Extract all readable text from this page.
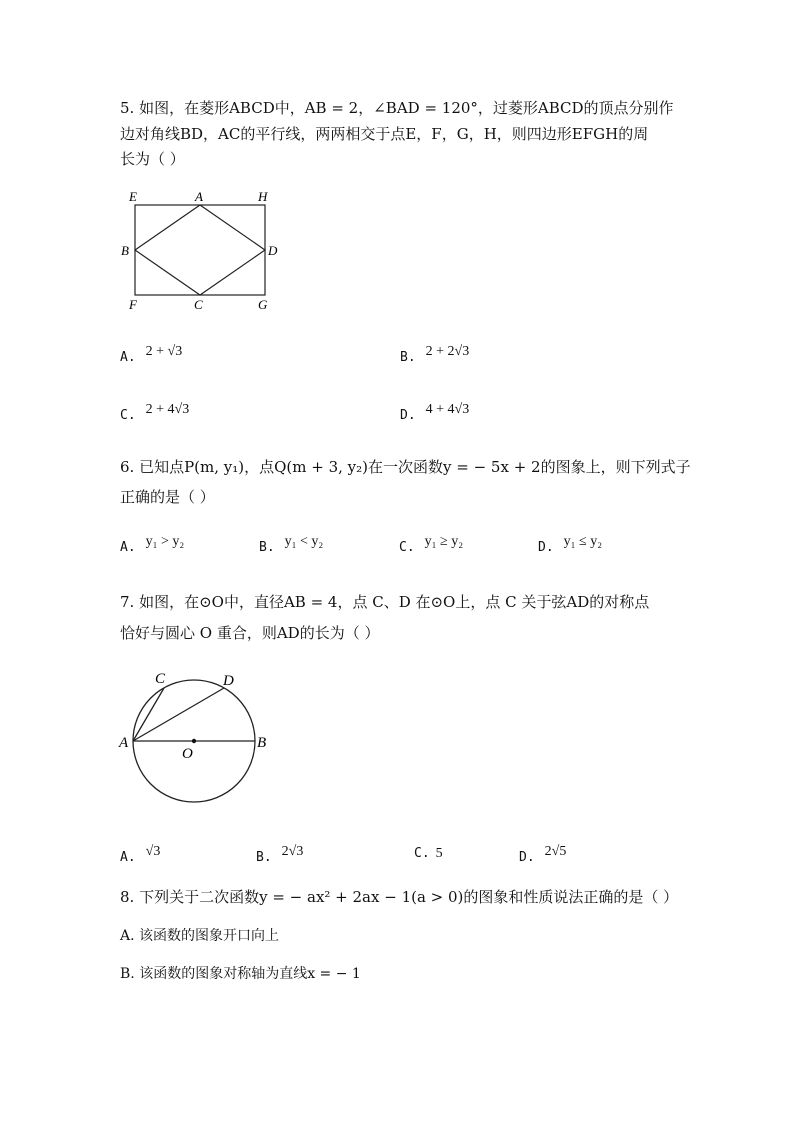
5. 如图，在菱形ABCD中，AB = 2，∠BAD = 120°，过菱形ABCD的顶点分别作
边对角线BD，AC的平行线，两两相交于点E，F，G，H，则四边形EFGH的周
长为（ ）
E	A	H
B	D
F	C	G
A. 2 + √3	B. 2 + 2√3
C. 2 + 4√3	D. 4 + 4√3
6. 已知点P(m, y₁)，点Q(m + 3, y₂)在一次函数y = − 5x + 2的图象上，则下列式子
正确的是（ ）
A. y₁ > y₂	B. y₁ < y₂	C. y₁ ≥ y₂	D. y₁ ≤ y₂
7. 如图，在⊙O中，直径AB = 4，点 C、D 在⊙O上，点 C 关于弦AD的对称点
恰好与圆心 O 重合，则AD的长为（ ）
C	D
A	B
O
A. √3	B. 2√3	C. 5	D. 2√5
8. 下列关于二次函数y = − ax² + 2ax − 1(a > 0)的图象和性质说法正确的是（ ）
A. 该函数的图象开口向上
B. 该函数的图象对称轴为直线x = − 1
